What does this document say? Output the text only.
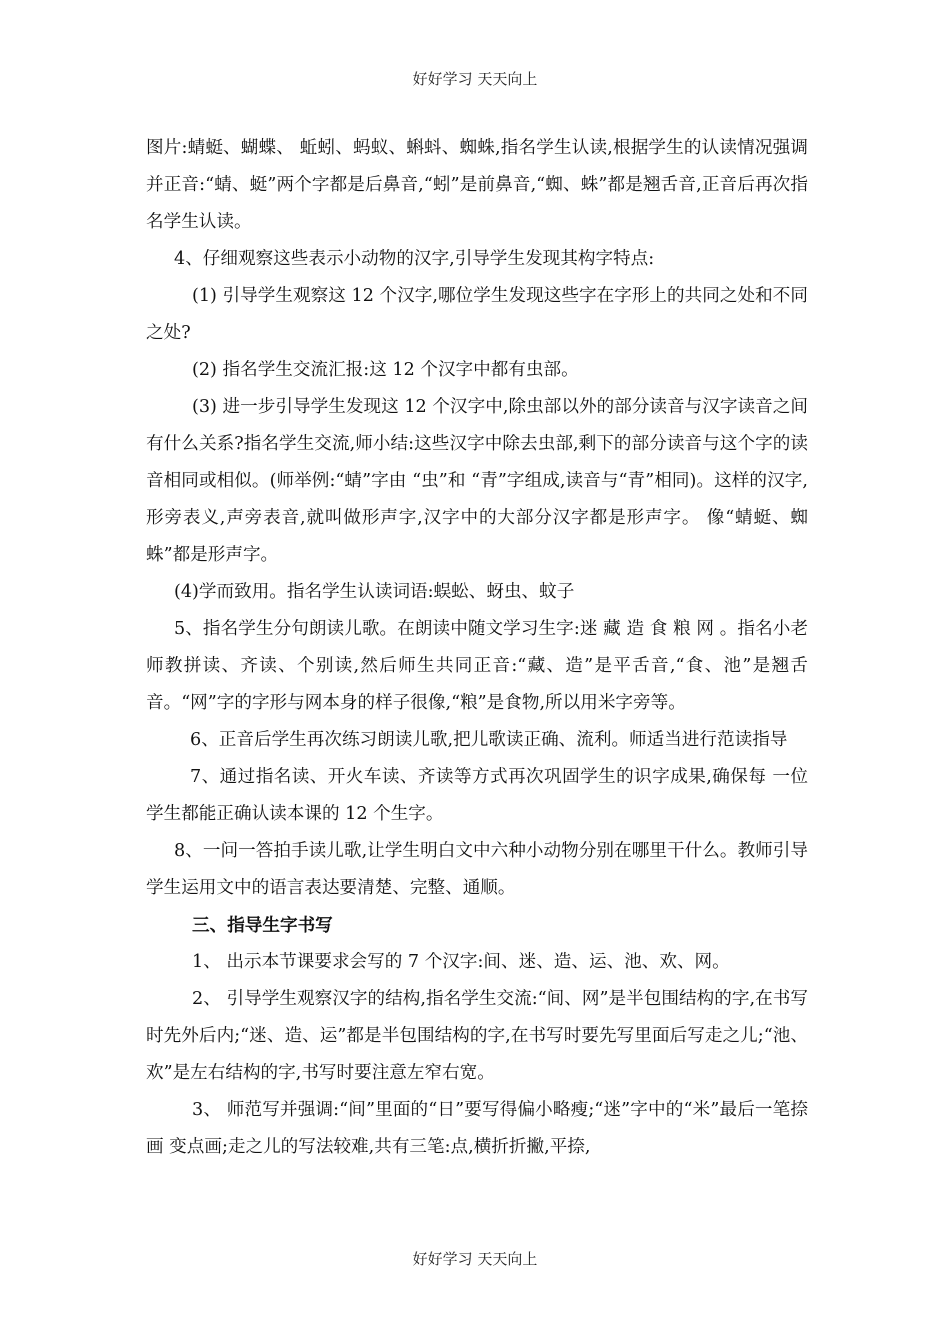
好好学习 天天向上

图片:蜻蜓、蝴蝶、 蚯蚓、蚂蚁、蝌蚪、蜘蛛,指名学生认读,根据学生的认读情况强调并正音:“蜻、蜓”两个字都是后鼻音,“蚓”是前鼻音,“蜘、蛛”都是翘舌音,正音后再次指名学生认读。

4、仔细观察这些表示小动物的汉字,引导学生发现其构字特点:

(1) 引导学生观察这 12 个汉字,哪位学生发现这些字在字形上的共同之处和不同之处?

(2) 指名学生交流汇报:这 12 个汉字中都有虫部。

(3) 进一步引导学生发现这 12 个汉字中,除虫部以外的部分读音与汉字读音之间有什么关系?指名学生交流,师小结:这些汉字中除去虫部,剩下的部分读音与这个字的读音相同或相似。(师举例:“蜻”字由 “虫”和 “青”字组成,读音与“青”相同)。这样的汉字,形旁表义,声旁表音,就叫做形声字,汉字中的大部分汉字都是形声字。 像“蜻蜓、蜘蛛”都是形声字。

(4)学而致用。指名学生认读词语:蜈蚣、蚜虫、蚊子

5、指名学生分句朗读儿歌。在朗读中随文学习生字:迷 藏 造 食 粮 网 。指名小老师教拼读、齐读、个别读,然后师生共同正音:“藏、造”是平舌音,“食、池”是翘舌音。“网”字的字形与网本身的样子很像,“粮”是食物,所以用米字旁等。

6、正音后学生再次练习朗读儿歌,把儿歌读正确、流利。师适当进行范读指导

7、通过指名读、开火车读、齐读等方式再次巩固学生的识字成果,确保每 一位学生都能正确认读本课的 12 个生字。

8、一问一答拍手读儿歌,让学生明白文中六种小动物分别在哪里干什么。教师引导学生运用文中的语言表达要清楚、完整、通顺。

三、指导生字书写

1、 出示本节课要求会写的 7 个汉字:间、迷、造、运、池、欢、网。

2、 引导学生观察汉字的结构,指名学生交流:“间、网”是半包围结构的字,在书写时先外后内;“迷、造、运”都是半包围结构的字,在书写时要先写里面后写走之儿;“池、欢”是左右结构的字,书写时要注意左窄右宽。

3、 师范写并强调:“间”里面的“日”要写得偏小略瘦;“迷”字中的“米”最后一笔捺画 变点画;走之儿的写法较难,共有三笔:点,横折折撇,平捺,

好好学习 天天向上
